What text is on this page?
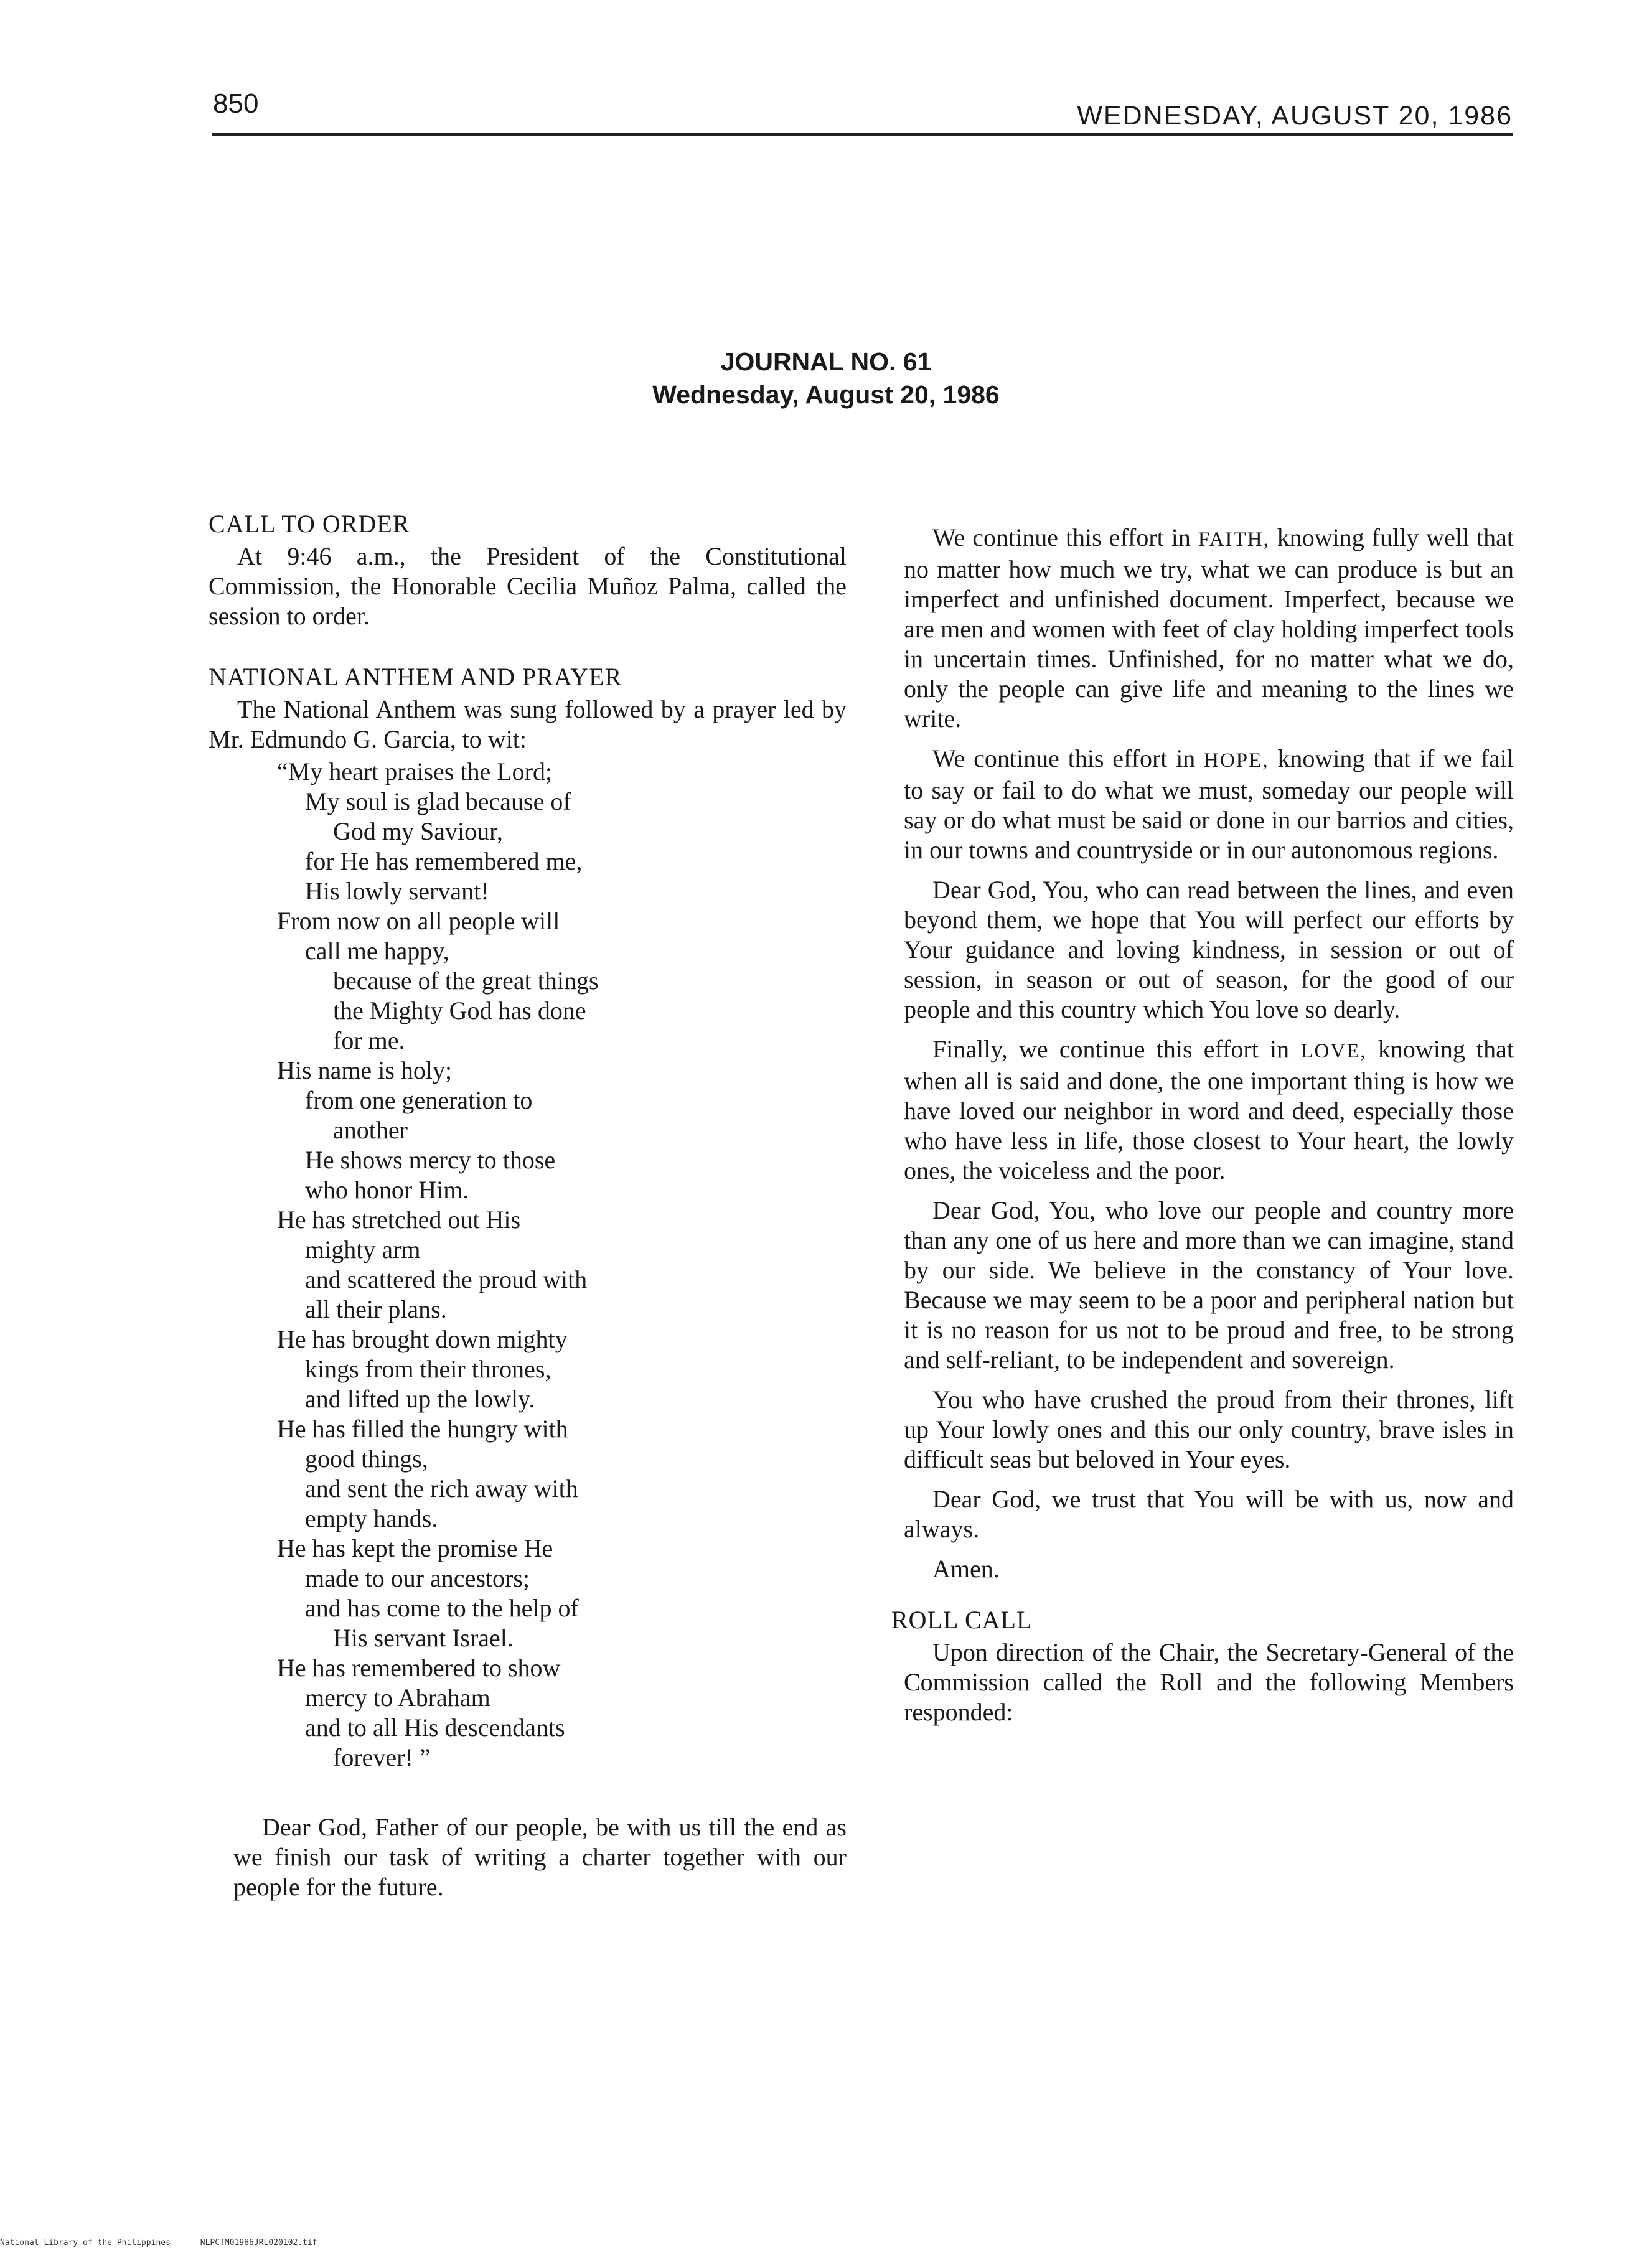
850	WEDNESDAY, AUGUST 20, 1986
JOURNAL NO. 61
Wednesday, August 20, 1986
CALL TO ORDER

At 9:46 a.m., the President of the Constitutional Commission, the Honorable Cecilia Muñoz Palma, called the session to order.

NATIONAL ANTHEM AND PRAYER

The National Anthem was sung followed by a prayer led by Mr. Edmundo G. Garcia, to wit:

“My heart praises the Lord;
My soul is glad because of
God my Saviour,
for He has remembered me,
His lowly servant!
From now on all people will
call me happy,
because of the great things
the Mighty God has done
for me.
His name is holy;
from one generation to
another
He shows mercy to those
who honor Him.
He has stretched out His
mighty arm
and scattered the proud with
all their plans.
He has brought down mighty
kings from their thrones,
and lifted up the lowly.
He has filled the hungry with
good things,
and sent the rich away with
empty hands.
He has kept the promise He
made to our ancestors;
and has come to the help of
His servant Israel.
He has remembered to show
mercy to Abraham
and to all His descendants
forever! ”

Dear God, Father of our people, be with us till the end as we finish our task of writing a charter together with our people for the future.

We continue this effort in FAITH, knowing fully well that no matter how much we try, what we can produce is but an imperfect and unfinished document. Imperfect, because we are men and women with feet of clay holding imperfect tools in uncertain times. Unfinished, for no matter what we do, only the people can give life and meaning to the lines we write.

We continue this effort in HOPE, knowing that if we fail to say or fail to do what we must, someday our people will say or do what must be said or done in our barrios and cities, in our towns and countryside or in our autonomous regions.

Dear God, You, who can read between the lines, and even beyond them, we hope that You will perfect our efforts by Your guidance and loving kindness, in session or out of session, in season or out of season, for the good of our people and this country which You love so dearly.

Finally, we continue this effort in LOVE, knowing that when all is said and done, the one important thing is how we have loved our neighbor in word and deed, especially those who have less in life, those closest to Your heart, the lowly ones, the voiceless and the poor.

Dear God, You, who love our people and country more than any one of us here and more than we can imagine, stand by our side. We believe in the constancy of Your love. Because we may seem to be a poor and peripheral nation but it is no reason for us not to be proud and free, to be strong and self-reliant, to be independent and sovereign.

You who have crushed the proud from their thrones, lift up Your lowly ones and this our only country, brave isles in difficult seas but beloved in Your eyes.

Dear God, we trust that You will be with us, now and always.

Amen.

ROLL CALL

Upon direction of the Chair, the Secretary-General of the Commission called the Roll and the following Members responded:

National Library of the Philippines	NLPCTM01986JRL020102.tif
